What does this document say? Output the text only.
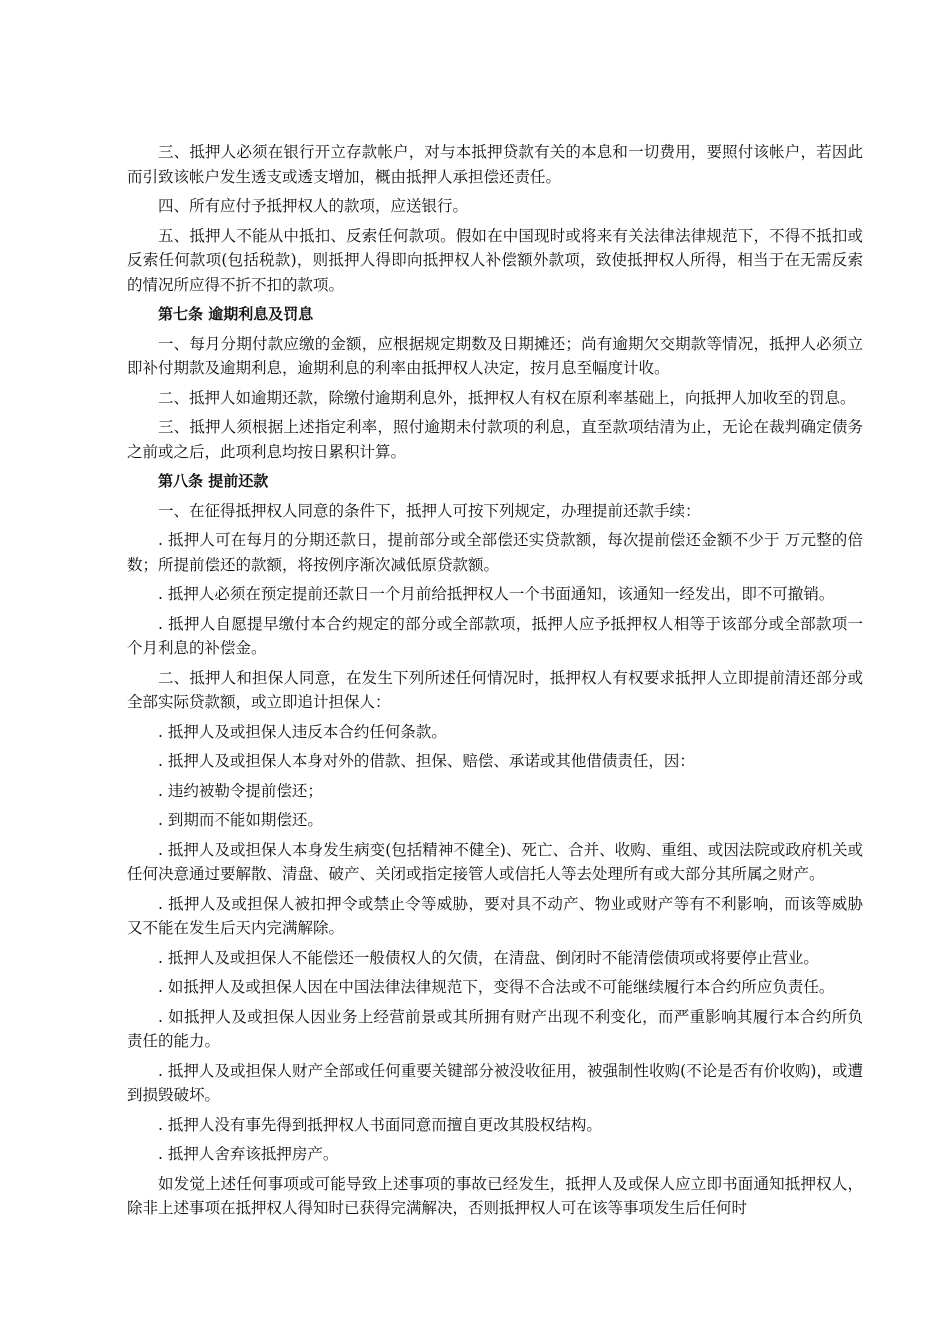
三、抵押人必须在银行开立存款帐户，对与本抵押贷款有关的本息和一切费用，要照付该帐户，若因此而引致该帐户发生透支或透支增加，概由抵押人承担偿还责任。

四、所有应付予抵押权人的款项，应送银行。

五、抵押人不能从中抵扣、反索任何款项。假如在中国现时或将来有关法律法律规范下，不得不抵扣或反索任何款项(包括税款)，则抵押人得即向抵押权人补偿额外款项，致使抵押权人所得，相当于在无需反索的情况所应得不折不扣的款项。

第七条 逾期利息及罚息

一、每月分期付款应缴的金额，应根据规定期数及日期摊还；尚有逾期欠交期款等情况，抵押人必须立即补付期款及逾期利息，逾期利息的利率由抵押权人决定，按月息至幅度计收。

二、抵押人如逾期还款，除缴付逾期利息外，抵押权人有权在原利率基础上，向抵押人加收至的罚息。

三、抵押人须根据上述指定利率，照付逾期未付款项的利息，直至款项结清为止，无论在裁判确定债务之前或之后，此项利息均按日累积计算。

第八条 提前还款

一、在征得抵押权人同意的条件下，抵押人可按下列规定，办理提前还款手续：

. 抵押人可在每月的分期还款日，提前部分或全部偿还实贷款额，每次提前偿还金额不少于 万元整的倍数；所提前偿还的款额，将按例序渐次减低原贷款额。

. 抵押人必须在预定提前还款日一个月前给抵押权人一个书面通知，该通知一经发出，即不可撤销。

. 抵押人自愿提早缴付本合约规定的部分或全部款项，抵押人应予抵押权人相等于该部分或全部款项一个月利息的补偿金。

二、抵押人和担保人同意，在发生下列所述任何情况时，抵押权人有权要求抵押人立即提前清还部分或全部实际贷款额，或立即追计担保人：

. 抵押人及或担保人违反本合约任何条款。

. 抵押人及或担保人本身对外的借款、担保、赔偿、承诺或其他借债责任，因：

. 违约被勒令提前偿还；

. 到期而不能如期偿还。

. 抵押人及或担保人本身发生病变(包括精神不健全)、死亡、合并、收购、重组、或因法院或政府机关或任何决意通过要解散、清盘、破产、关闭或指定接管人或信托人等去处理所有或大部分其所属之财产。

. 抵押人及或担保人被扣押令或禁止令等威胁，要对具不动产、物业或财产等有不利影响，而该等威胁又不能在发生后天内完满解除。

. 抵押人及或担保人不能偿还一般债权人的欠债，在清盘、倒闭时不能清偿债项或将要停止营业。

. 如抵押人及或担保人因在中国法律法律规范下，变得不合法或不可能继续履行本合约所应负责任。

. 如抵押人及或担保人因业务上经营前景或其所拥有财产出现不利变化，而严重影响其履行本合约所负责任的能力。

. 抵押人及或担保人财产全部或任何重要关键部分被没收征用，被强制性收购(不论是否有价收购)，或遭到损毁破坏。

. 抵押人没有事先得到抵押权人书面同意而擅自更改其股权结构。

. 抵押人舍弃该抵押房产。

如发觉上述任何事项或可能导致上述事项的事故已经发生，抵押人及或保人应立即书面通知抵押权人，除非上述事项在抵押权人得知时已获得完满解决，否则抵押权人可在该等事项发生后任何时
